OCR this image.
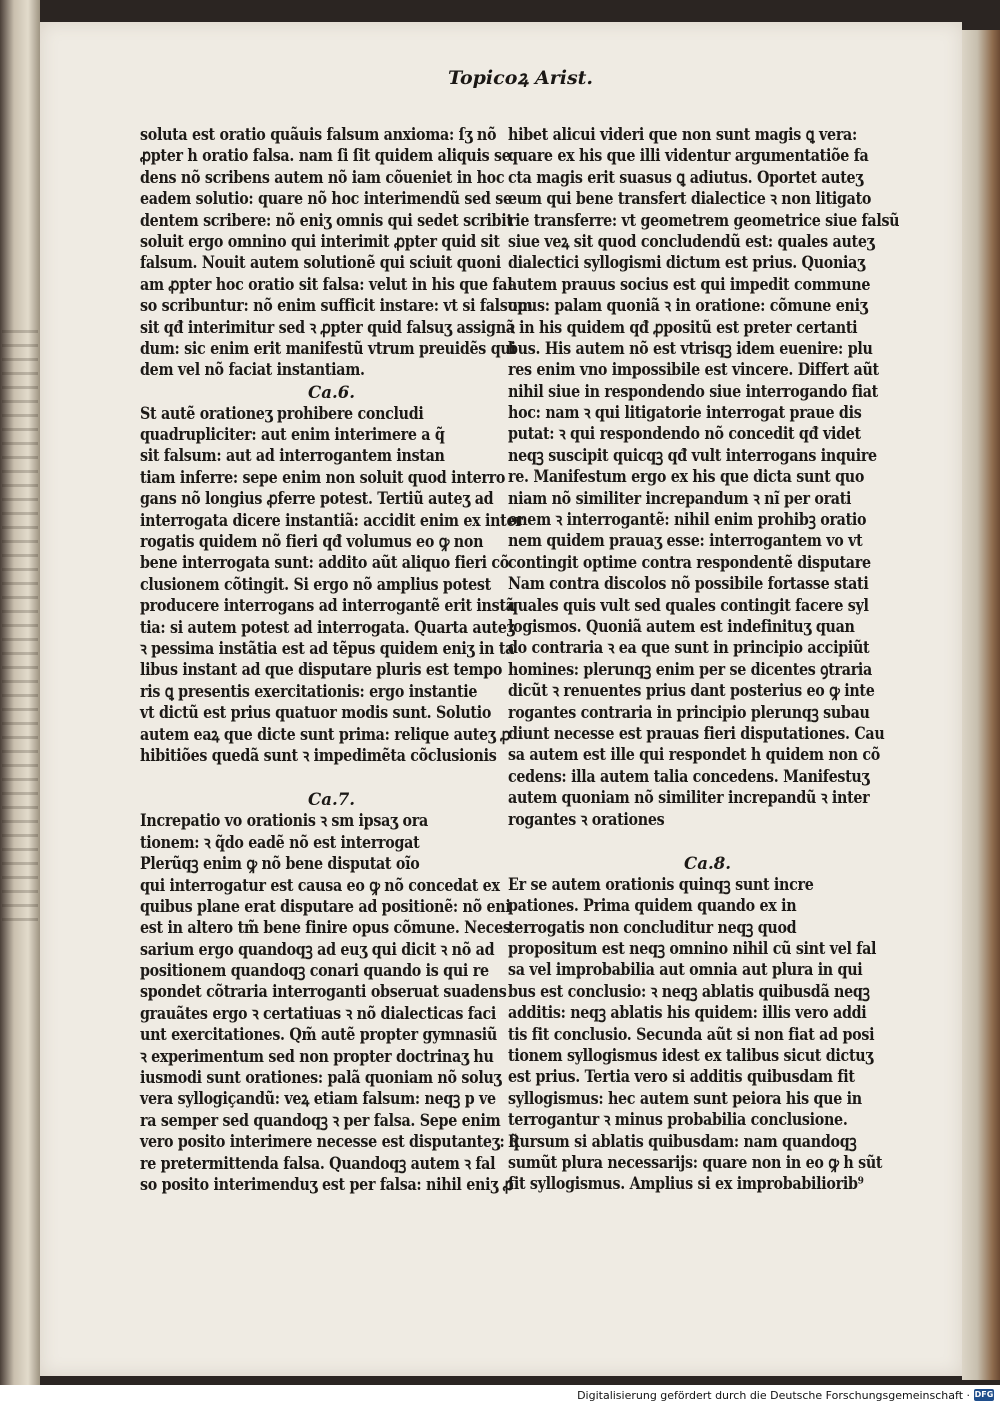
Topicoꝝ Arist.
soluta est oratio quãuis falsum anxioma: ſʒ nõ
ꝓpter h oratio falsa. nam ſi ſit quidem aliquis se
dens nõ scribens autem nõ iam cõueniet in hoc
eadem solutio: quare nõ hoc interimendũ sed se
dentem scribere: nõ eniʒ omnis qui sedet scribit
soluit ergo omnino qui interimit ꝓpter quid sit
falsum. Nouit autem solutionẽ qui sciuit quoni
am ꝓpter hoc oratio sit falsa: velut in his que fal
so scribuntur: nõ enim sufficit instare: vt si falsum
sit qđ interimitur sed ꝛ ꝓpter quid falsuʒ assignã
dum: sic enim erit manifestũ vtrum preuidẽs qui
dem vel nõ faciat instantiam.
Ca.6.
St autẽ orationeʒ prohibere concludi
quadrupliciter: aut enim interimere a q̃
sit falsum: aut ad interrogantem instan
tiam inferre: sepe enim non soluit quod interro
gans nõ longius ꝓferre potest. Tertiũ auteʒ ad
interrogata dicere instantiã: accidit enim ex inter
rogatis quidem nõ fieri qđ volumus eo ꝙ non
bene interrogata sunt: addito aũt aliquo fieri cõ
clusionem cõtingit. Si ergo nõ amplius potest
producere interrogans ad interrogantẽ erit instã
tia: si autem potest ad interrogata. Quarta auteʒ
ꝛ pessima instãtia est ad tẽpus quidem eniʒ in ta
libus instant ad que disputare pluris est tempo
ris ꝗ presentis exercitationis: ergo instantie
vt dictũ est prius quatuor modis sunt. Solutio
autem eaꝝ que dicte sunt prima: relique auteʒ ꝓ
hibitiões quedã sunt ꝛ impedimẽta cõclusionis
Ca.7.
Increpatio vo orationis ꝛ sm ipsaʒ ora
tionem: ꝛ q̃do eadẽ nõ est interrogat
Plerũqꝫ enim ꝙ nõ bene disputat oĩo
qui interrogatur est causa eo ꝙ nõ concedat ex
quibus plane erat disputare ad positionẽ: nõ eni
est in altero tm̃ bene finire opus cõmune. Neces
sarium ergo quandoqꝫ ad euʒ qui dicit ꝛ nõ ad
positionem quandoqꝫ conari quando is qui re
spondet cõtraria interroganti obseruat suadens
grauãtes ergo ꝛ certatiuas ꝛ nõ dialecticas faci
unt exercitationes. Qm̃ autẽ propter gymnasiũ
ꝛ experimentum sed non propter doctrinaʒ hu
iusmodi sunt orationes: palã quoniam nõ soluʒ
vera syllogiçandũ: veꝝ etiam falsum: neqꝫ p ve
ra semper sed quandoqꝫ ꝛ per falsa. Sepe enim
vero posito interimere necesse est disputanteʒ: q̃
re pretermittenda falsa. Quandoqꝫ autem ꝛ fal
so posito interimenduʒ est per falsa: nihil eniʒ ꝓ
hibet alicui videri que non sunt magis ꝗ vera:
quare ex his que illi videntur argumentatiõe fa
cta magis erit suasus ꝗ adiutus. Oportet auteʒ
eum qui bene transfert dialectice ꝛ non litigato
rie transferre: vt geometrem geometrice siue falsũ
siue veꝝ sit quod concludendũ est: quales auteʒ
dialectici syllogismi dictum est prius. Quoniaʒ
autem prauus socius est qui impedit commune
opus: palam quoniã ꝛ in oratione: cõmune eniʒ
ꝛ in his quidem qđ ꝓpositũ est preter certanti
bus. His autem nõ est vtrisqꝫ idem euenire: plu
res enim vno impossibile est vincere. Differt aũt
nihil siue in respondendo siue interrogando fiat
hoc: nam ꝛ qui litigatorie interrogat praue dis
putat: ꝛ qui respondendo nõ concedit qđ videt
neqꝫ suscipit quicqꝫ qđ vult interrogans inquire
re. Manifestum ergo ex his que dicta sunt quo
niam nõ similiter increpandum ꝛ nĩ per orati
onem ꝛ interrogantẽ: nihil enim prohibꝫ oratio
nem quidem prauaʒ esse: interrogantem vo vt
contingit optime contra respondentẽ disputare
Nam contra discolos nõ possibile fortasse stati
quales quis vult sed quales contingit facere syl
logismos. Quoniã autem est indefinituʒ quan
do contraria ꝛ ea que sunt in principio accipiũt
homines: plerunqꝫ enim per se dicentes ꝯtraria
dicũt ꝛ renuentes prius dant posterius eo ꝙ inte
rogantes contraria in principio plerunqꝫ subau
diunt necesse est prauas fieri disputationes. Cau
sa autem est ille qui respondet h quidem non cõ
cedens: illa autem talia concedens. Manifestuʒ
autem quoniam nõ similiter increpandũ ꝛ inter
rogantes ꝛ orationes
Ca.8.
Er se autem orationis quinqꝫ sunt incre
pationes. Prima quidem quando ex in
terrogatis non concluditur neqꝫ quod
propositum est neqꝫ omnino nihil cũ sint vel fal
sa vel improbabilia aut omnia aut plura in qui
bus est conclusio: ꝛ neqꝫ ablatis quibusdã neqꝫ
additis: neqꝫ ablatis his quidem: illis vero addi
tis fit conclusio. Secunda aũt si non fiat ad posi
tionem syllogismus idest ex talibus sicut dictuʒ
est prius. Tertia vero si additis quibusdam fit
syllogismus: hec autem sunt peiora his que in
terrogantur ꝛ minus probabilia conclusione.
Rursum si ablatis quibusdam: nam quandoqꝫ
sumũt plura necessarijs: quare non in eo ꝙ h sũt
fit syllogismus. Amplius si ex improbabiliorib⁹
Digitalisierung gefördert durch die Deutsche Forschungsgemeinschaft · DFG
